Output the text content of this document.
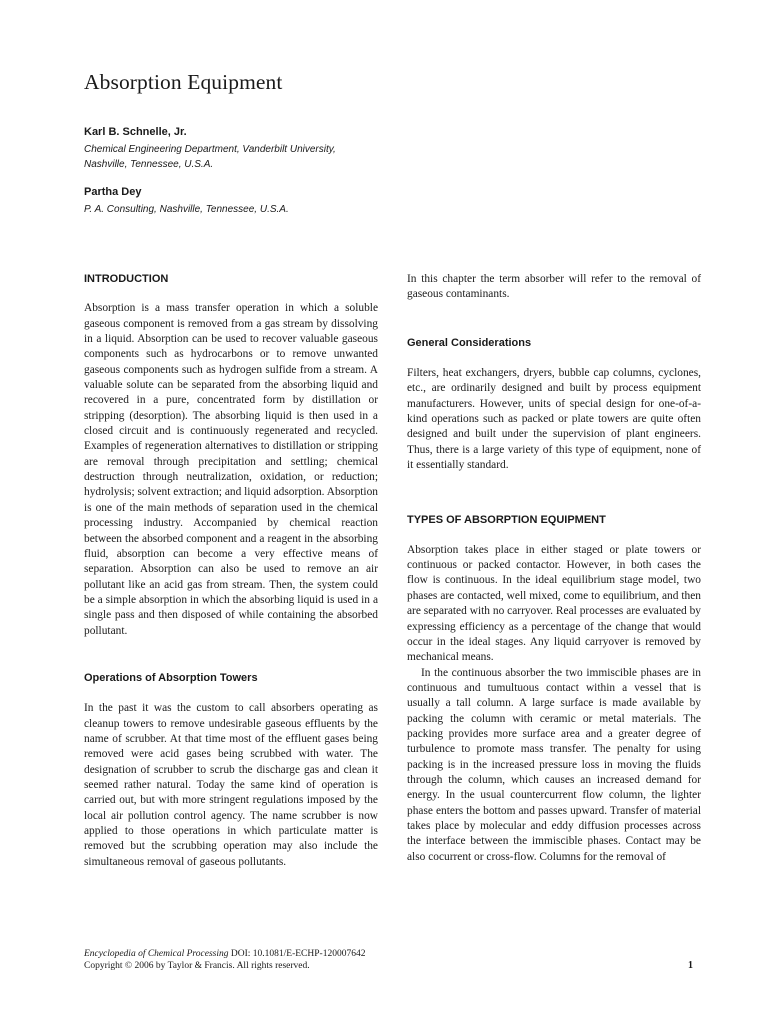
Absorption Equipment
Karl B. Schnelle, Jr.
Chemical Engineering Department, Vanderbilt University,
Nashville, Tennessee, U.S.A.
Partha Dey
P. A. Consulting, Nashville, Tennessee, U.S.A.
INTRODUCTION

Absorption is a mass transfer operation in which a soluble gaseous component is removed from a gas stream by dissolving in a liquid. Absorption can be used to recover valuable gaseous components such as hydrocarbons or to remove unwanted gaseous components such as hydrogen sulfide from a stream. A valuable solute can be separated from the absorbing liquid and recovered in a pure, concentrated form by distillation or stripping (desorption). The absorbing liquid is then used in a closed circuit and is continuously regenerated and recycled. Examples of regeneration alternatives to distillation or stripping are removal through precipitation and settling; chemical destruction through neutralization, oxidation, or reduction; hydrolysis; solvent extraction; and liquid adsorption. Absorption is one of the main methods of separation used in the chemical processing industry. Accompanied by chemical reaction between the absorbed component and a reagent in the absorbing fluid, absorption can become a very effective means of separation. Absorption can also be used to remove an air pollutant like an acid gas from stream. Then, the system could be a simple absorption in which the absorbing liquid is used in a single pass and then disposed of while containing the absorbed pollutant.

Operations of Absorption Towers

In the past it was the custom to call absorbers operating as cleanup towers to remove undesirable gaseous effluents by the name of scrubber. At that time most of the effluent gases being removed were acid gases being scrubbed with water. The designation of scrubber to scrub the discharge gas and clean it seemed rather natural. Today the same kind of operation is carried out, but with more stringent regulations imposed by the local air pollution control agency. The name scrubber is now applied to those operations in which particulate matter is removed but the scrubbing operation may also include the simultaneous removal of gaseous pollutants.

In this chapter the term absorber will refer to the removal of gaseous contaminants.

General Considerations

Filters, heat exchangers, dryers, bubble cap columns, cyclones, etc., are ordinarily designed and built by process equipment manufacturers. However, units of special design for one-of-a-kind operations such as packed or plate towers are quite often designed and built under the supervision of plant engineers. Thus, there is a large variety of this type of equipment, none of it essentially standard.

TYPES OF ABSORPTION EQUIPMENT

Absorption takes place in either staged or plate towers or continuous or packed contactor. However, in both cases the flow is continuous. In the ideal equilibrium stage model, two phases are contacted, well mixed, come to equilibrium, and then are separated with no carryover. Real processes are evaluated by expressing efficiency as a percentage of the change that would occur in the ideal stages. Any liquid carryover is removed by mechanical means.

In the continuous absorber the two immiscible phases are in continuous and tumultuous contact within a vessel that is usually a tall column. A large surface is made available by packing the column with ceramic or metal materials. The packing provides more surface area and a greater degree of turbulence to promote mass transfer. The penalty for using packing is in the increased pressure loss in moving the fluids through the column, which causes an increased demand for energy. In the usual countercurrent flow column, the lighter phase enters the bottom and passes upward. Transfer of material takes place by molecular and eddy diffusion processes across the interface between the immiscible phases. Contact may be also cocurrent or cross-flow. Columns for the removal of

Encyclopedia of Chemical Processing DOI: 10.1081/E-ECHP-120007642
Copyright © 2006 by Taylor & Francis. All rights reserved.	1
